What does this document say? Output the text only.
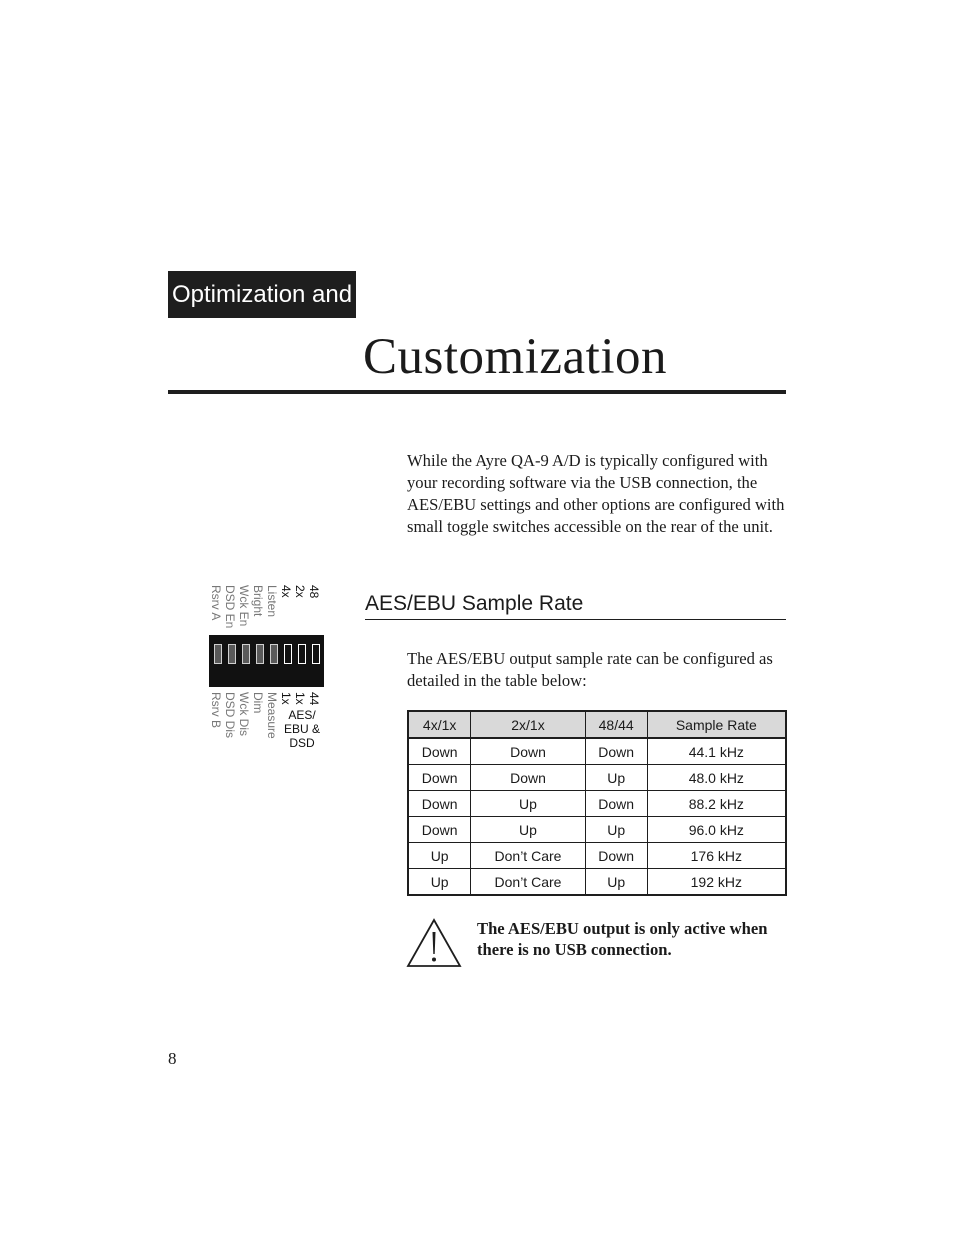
Optimization and
Customization

While the Ayre QA-9 A/D is typically configured with your recording software via the USB connection, the AES/EBU settings and other options are configured with small toggle switches accessible on the rear of the unit.

AES/
EBU &
DSD
Rsrv A DSD En Wck En Bright Listen 4x 2x 48
Rsrv B DSD Dis Wck Dis Dim Measure 1x 1x 44
AES/EBU Sample Rate

The AES/EBU output sample rate can be configured as detailed in the table below:

4x/1x	2x/1x	48/44	Sample Rate
Down	Down	Down	44.1 kHz
Down	Down	Up	48.0 kHz
Down	Up	Down	88.2 kHz
Down	Up	Up	96.0 kHz
Up	Don’t Care	Down	176 kHz
Up	Don’t Care	Up	192 kHz

The AES/EBU output is only active when there is no USB connection.

8
